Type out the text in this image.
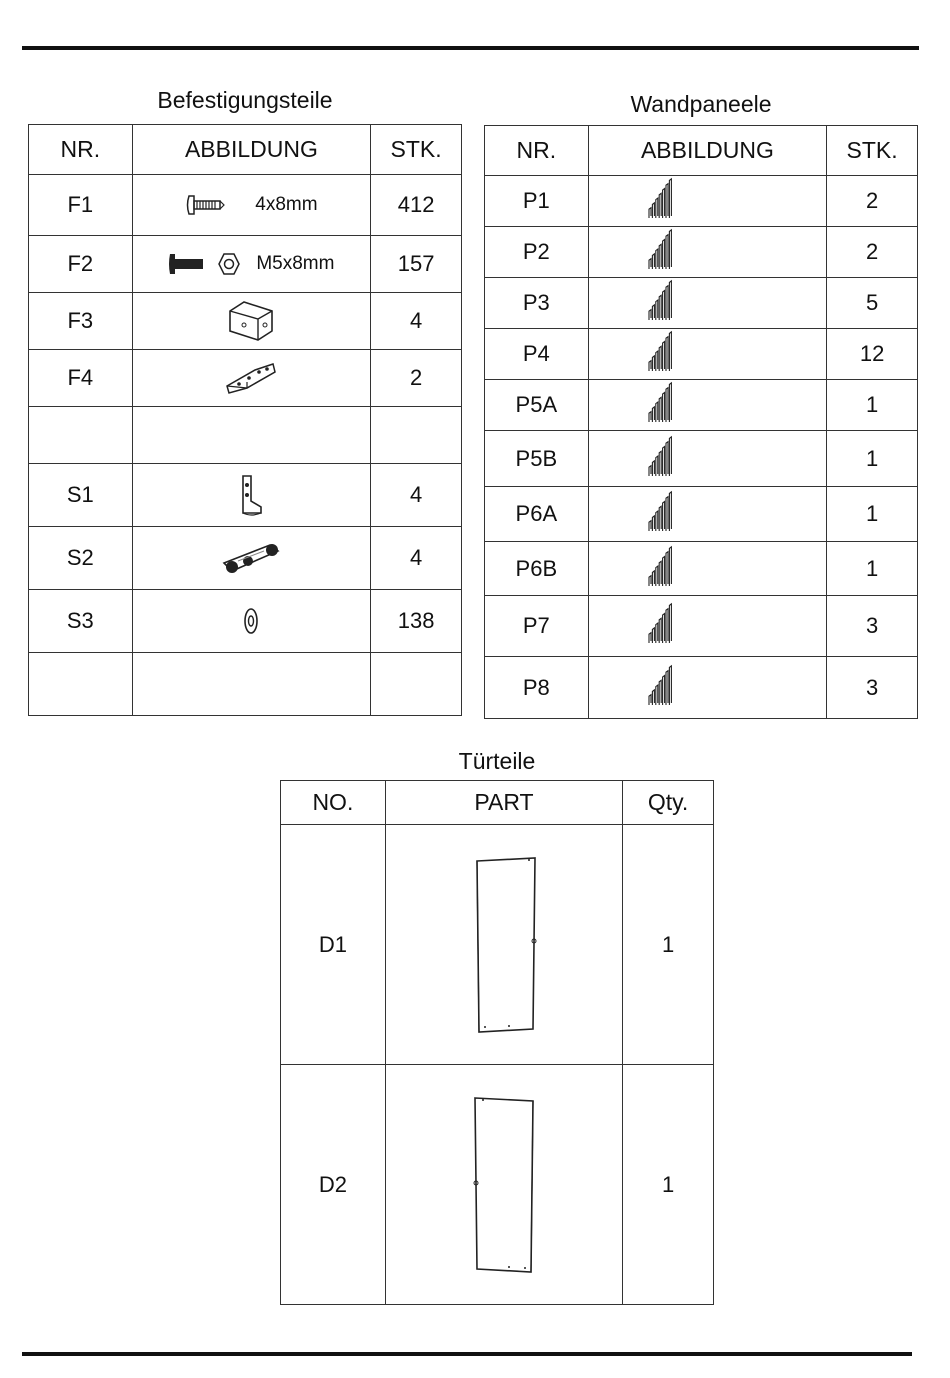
Befestigungsteile
NR.	ABBILDUNG	STK.
F1	4x8mm	412
F2	M5x8mm	157
F3		4
F4		2

S1		4
S2		4
S3		138

Wandpaneele
NR.	ABBILDUNG	STK.
P1		2
P2		2
P3		5
P4		12
P5A		1
P5B		1
P6A		1
P6B		1
P7		3
P8		3
Türteile
NO.	PART	Qty.
D1		1
D2		1
